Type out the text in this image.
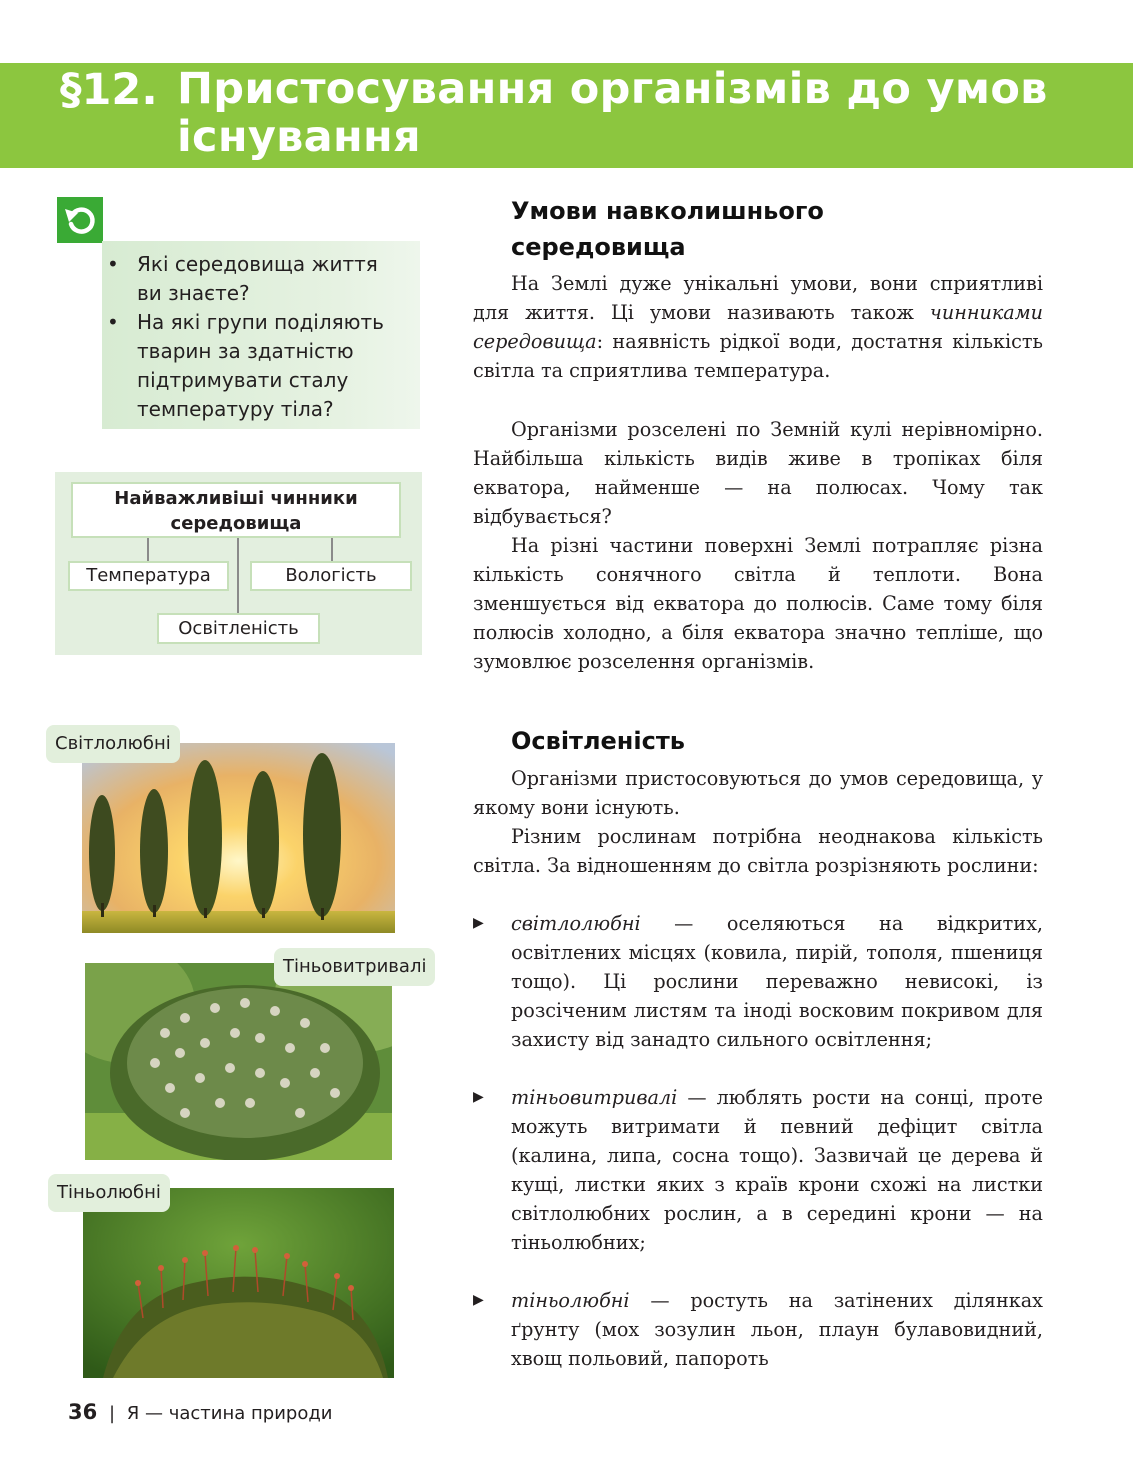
§12. Пристосування організмів до умов існування
• Які середовища життя ви знаєте?
• На які групи поділяють тварин за здатністю підтримувати сталу температуру тіла?
Найважливіші чинники середовища
Температура	Вологість
Освітленість
Світлолюбні
Тіньовитривалі
Тіньолюбні
Умови навколишнього середовища
На Землі дуже унікальні умови, вони сприятливі для життя. Ці умови називають також чинниками середовища: наявність рідкої води, достатня кількість світла та сприятлива температура.
Організми розселені по Земній кулі нерівномірно. Найбільша кількість видів живе в тропіках біля екватора, найменше — на полюсах. Чому так відбувається?
На різні частини поверхні Землі потрапляє різна кількість сонячного світла й теплоти. Вона зменшується від екватора до полюсів. Саме тому біля полюсів холодно, а біля екватора значно тепліше, що зумовлює розселення організмів.
Освітленість
Організми пристосовуються до умов середовища, у якому вони існують.
Різним рослинам потрібна неоднакова кількість світла. За відношенням до світла розрізняють рослини:
▶ світлолюбні — оселяються на відкритих, освітлених місцях (ковила, пирій, тополя, пшениця тощо). Ці рослини переважно невисокі, із розсіченим листям та іноді восковим покривом для захисту від занадто сильного освітлення;
▶ тіньовитривалі — люблять рости на сонці, проте можуть витримати й певний дефіцит світла (калина, липа, сосна тощо). Зазвичай це дерева й кущі, листки яких з країв крони схожі на листки світлолюбних рослин, а в середині крони — на тіньолюбних;
▶ тіньолюбні — ростуть на затінених ділянках ґрунту (мох зозулин льон, плаун булавовидний, хвощ польовий, папороть
36 | Я — частина природи
